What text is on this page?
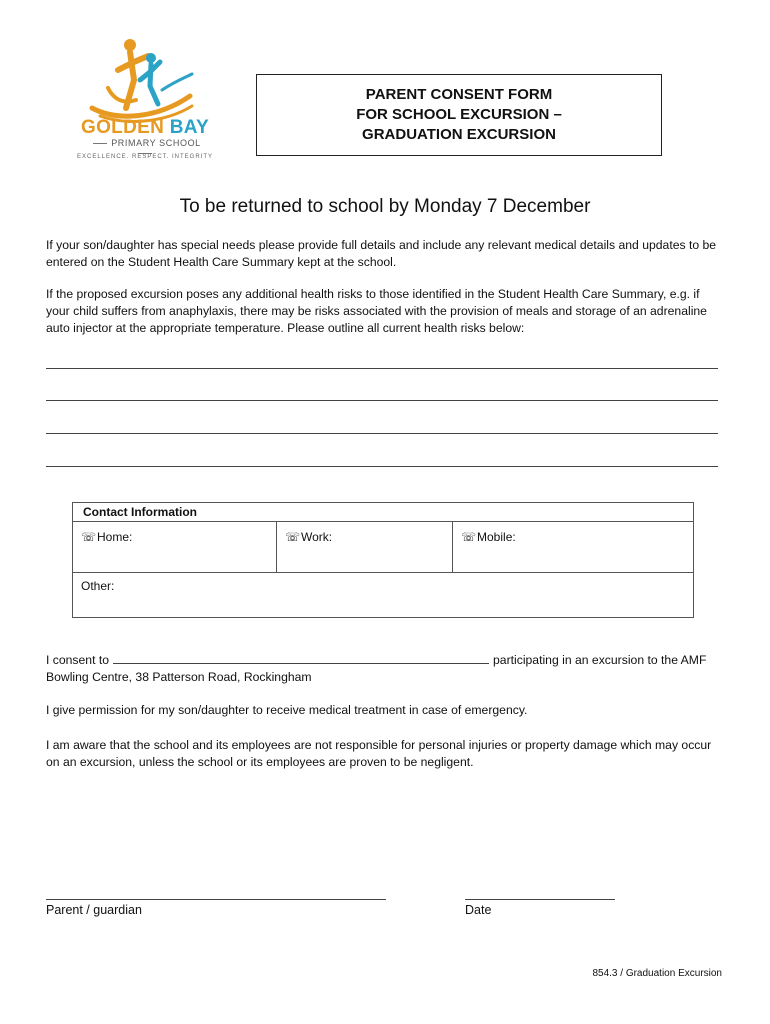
GOLDEN BAY
PRIMARY SCHOOL
EXCELLENCE. RESPECT. INTEGRITY
PARENT CONSENT FORM
FOR SCHOOL EXCURSION –
GRADUATION EXCURSION
To be returned to school by Monday 7 December
If your son/daughter has special needs please provide full details and include any relevant medical details and updates to be entered on the Student Health Care Summary kept at the school.
If the proposed excursion poses any additional health risks to those identified in the Student Health Care Summary, e.g. if your child suffers from anaphylaxis, there may be risks associated with the provision of meals and storage of an adrenaline auto injector at the appropriate temperature. Please outline all current health risks below:
Contact Information
☏Home:	☏Work:	☏Mobile:
Other:
I consent to	participating in an excursion to the AMF Bowling Centre, 38 Patterson Road, Rockingham
I give permission for my son/daughter to receive medical treatment in case of emergency.
I am aware that the school and its employees are not responsible for personal injuries or property damage which may occur on an excursion, unless the school or its employees are proven to be negligent.
Parent / guardian	Date
854.3 / Graduation Excursion
